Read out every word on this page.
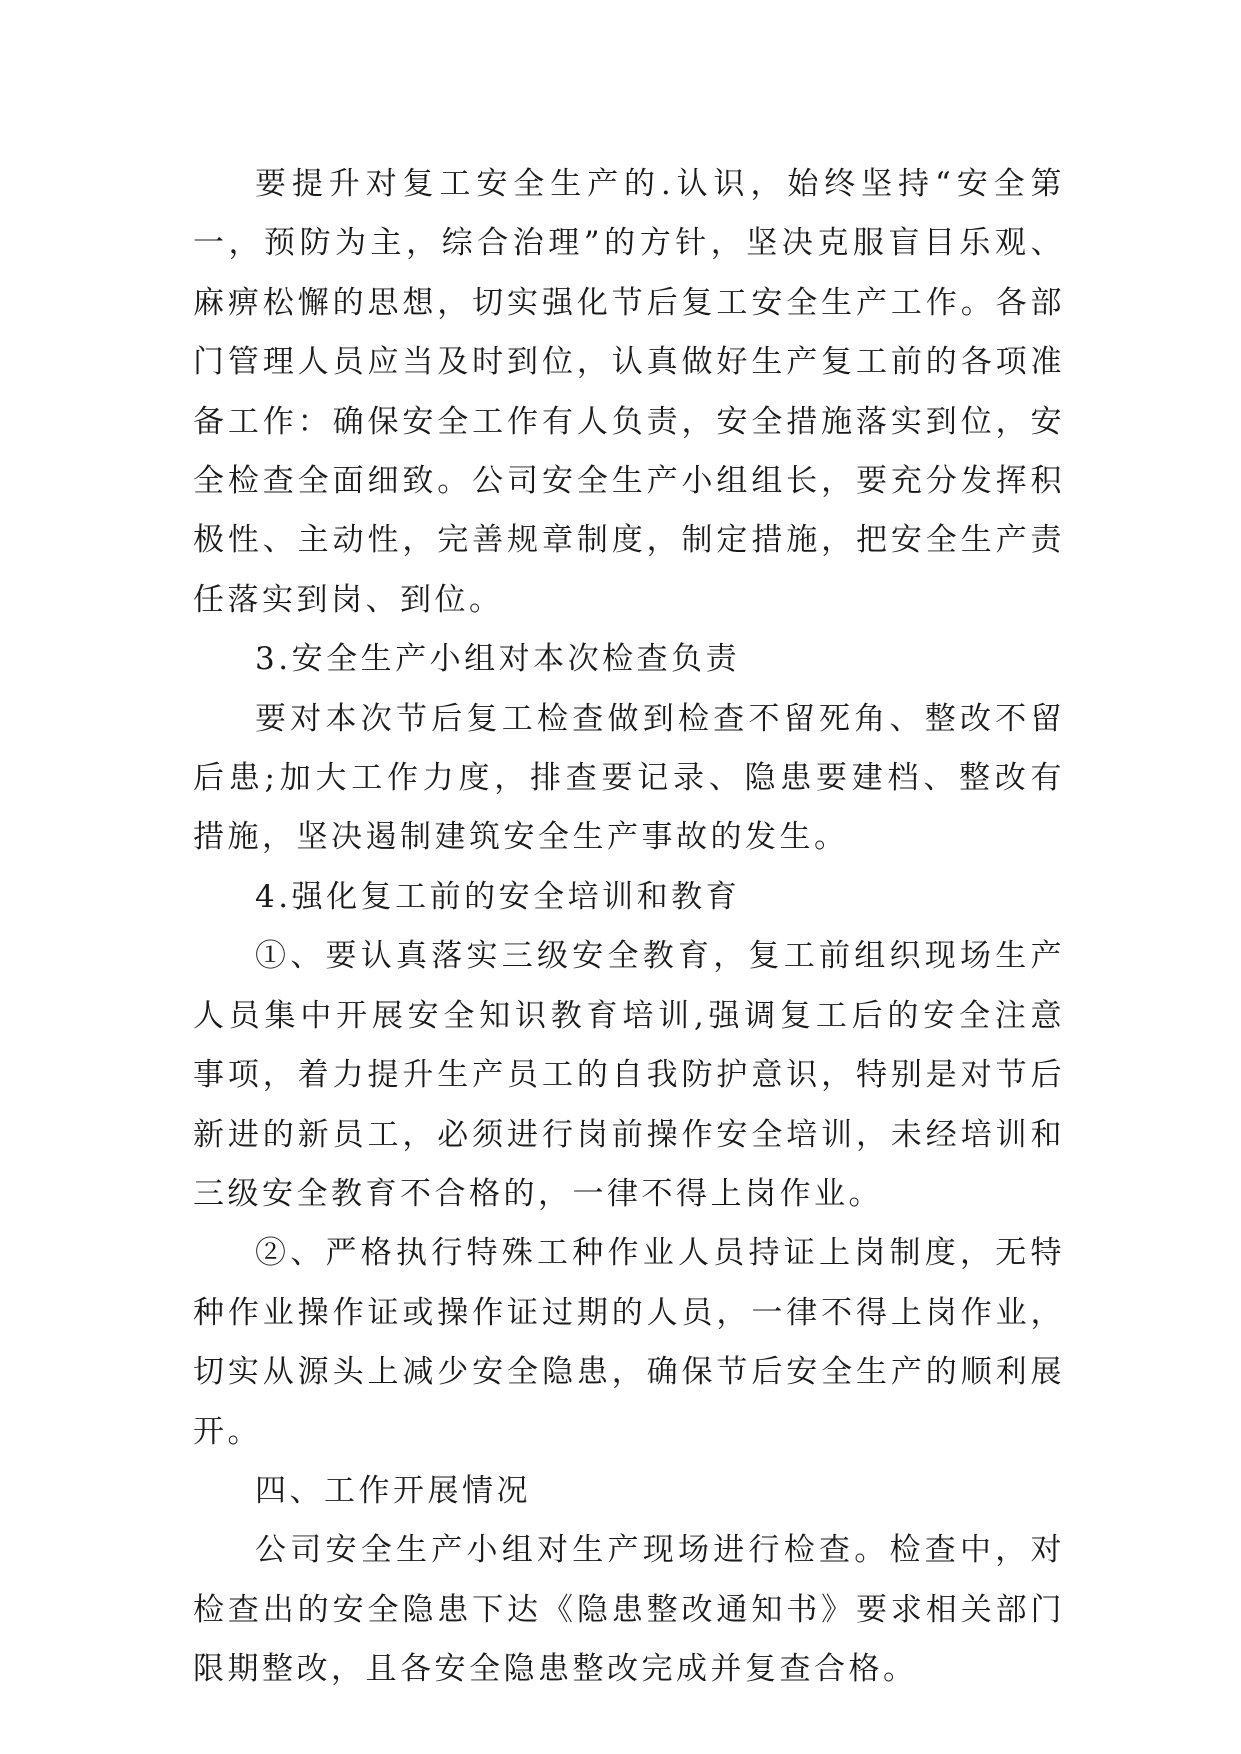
要提升对复工安全生产的.认识，始终坚持“安全第一，预防为主，综合治理”的方针，坚决克服盲目乐观、麻痹松懈的思想，切实强化节后复工安全生产工作。各部门管理人员应当及时到位，认真做好生产复工前的各项准备工作：确保安全工作有人负责，安全措施落实到位，安全检查全面细致。公司安全生产小组组长，要充分发挥积极性、主动性，完善规章制度，制定措施，把安全生产责任落实到岗、到位。

3.安全生产小组对本次检查负责

要对本次节后复工检查做到检查不留死角、整改不留后患;加大工作力度，排查要记录、隐患要建档、整改有措施，坚决遏制建筑安全生产事故的发生。

4.强化复工前的安全培训和教育

①、要认真落实三级安全教育，复工前组织现场生产人员集中开展安全知识教育培训,强调复工后的安全注意事项，着力提升生产员工的自我防护意识，特别是对节后新进的新员工，必须进行岗前操作安全培训，未经培训和三级安全教育不合格的，一律不得上岗作业。

②、严格执行特殊工种作业人员持证上岗制度，无特种作业操作证或操作证过期的人员，一律不得上岗作业，切实从源头上减少安全隐患，确保节后安全生产的顺利展开。

四、工作开展情况

公司安全生产小组对生产现场进行检查。检查中，对检查出的安全隐患下达《隐患整改通知书》要求相关部门限期整改，且各安全隐患整改完成并复查合格。
